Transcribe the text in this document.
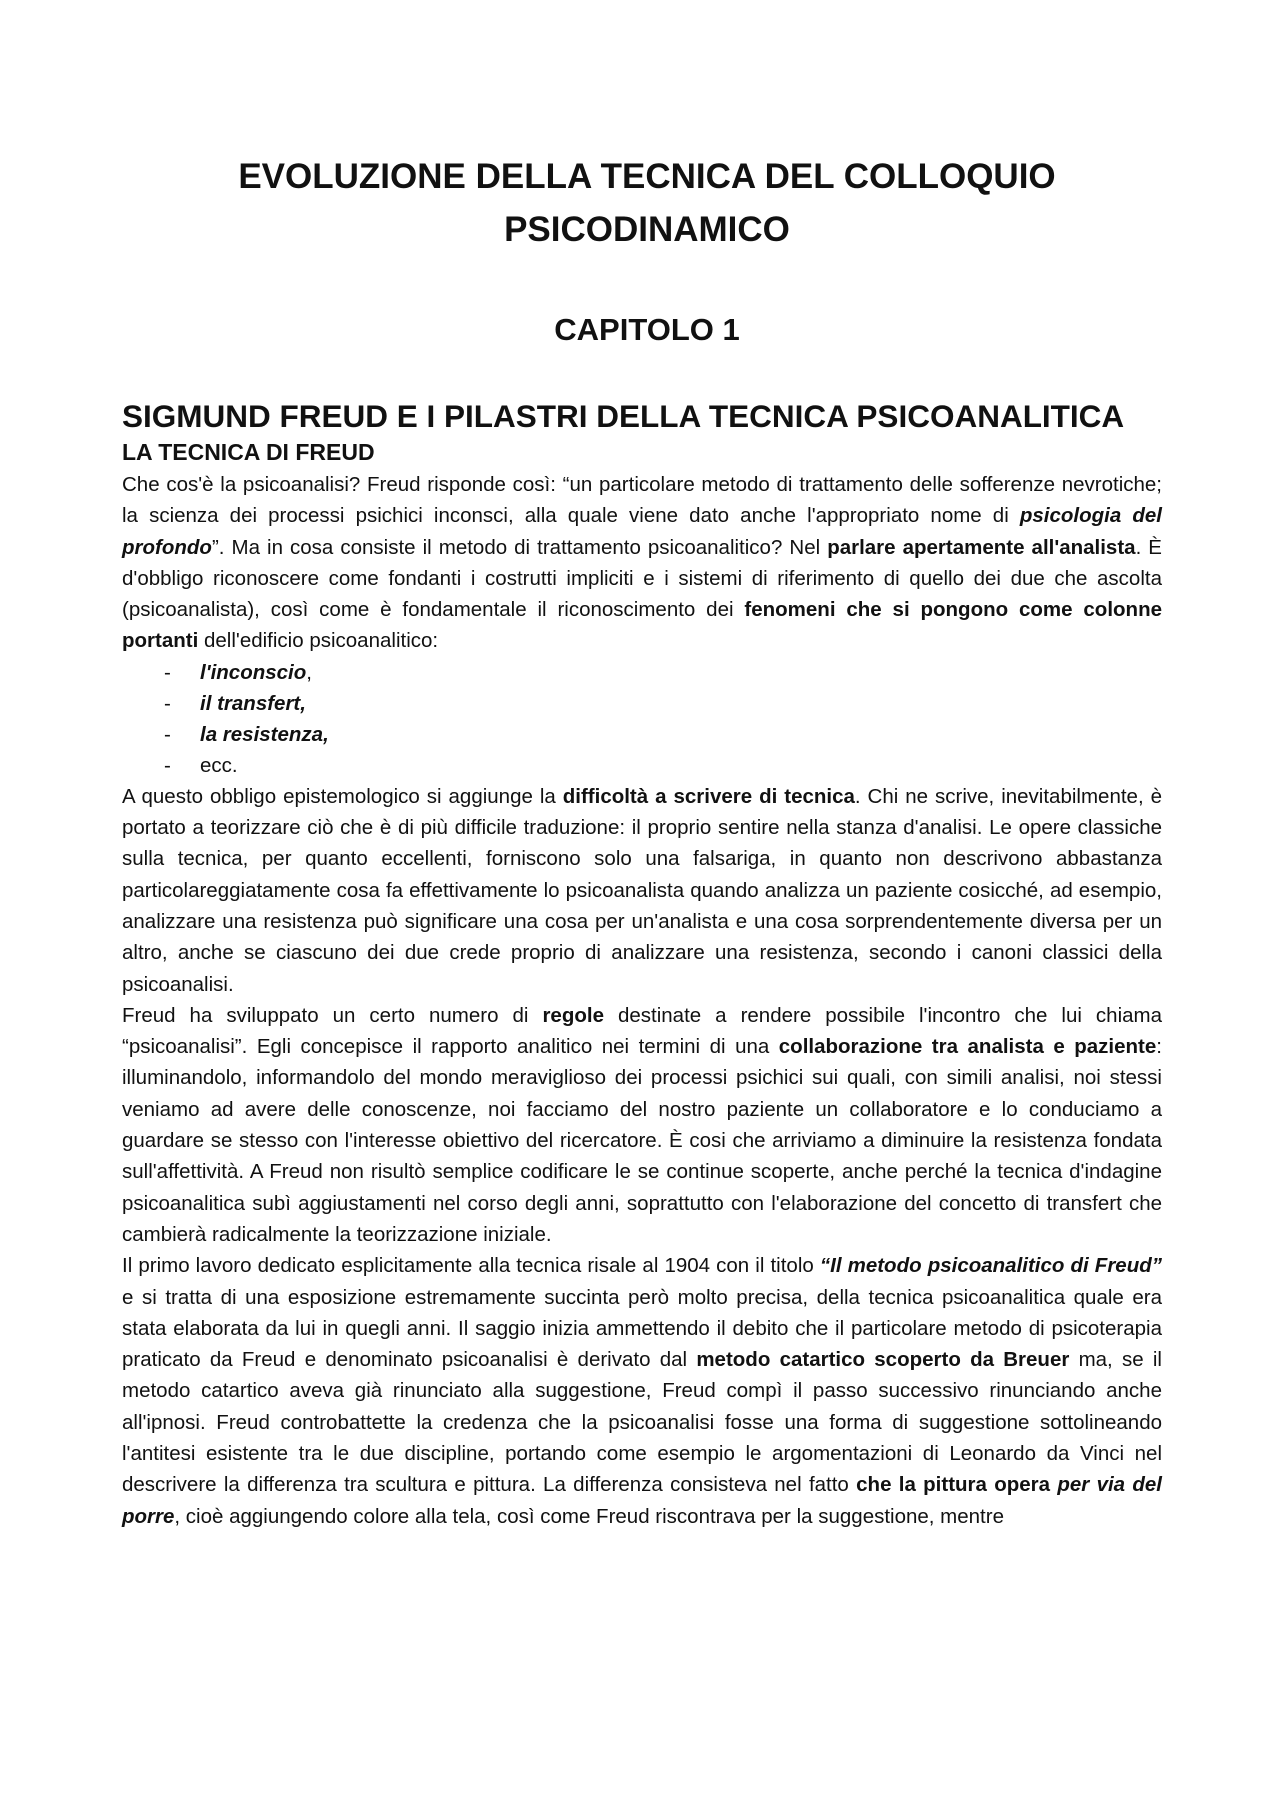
EVOLUZIONE DELLA TECNICA DEL COLLOQUIO
PSICODINAMICO
CAPITOLO 1
SIGMUND FREUD E I PILASTRI DELLA TECNICA PSICOANALITICA
LA TECNICA DI FREUD

Che cos'è la psicoanalisi? Freud risponde così: “un particolare metodo di trattamento delle sofferenze nevrotiche; la scienza dei processi psichici inconsci, alla quale viene dato anche l'appropriato nome di psicologia del profondo”. Ma in cosa consiste il metodo di trattamento psicoanalitico? Nel parlare apertamente all'analista. È d'obbligo riconoscere come fondanti i costrutti impliciti e i sistemi di riferimento di quello dei due che ascolta (psicoanalista), così come è fondamentale il riconoscimento dei fenomeni che si pongono come colonne portanti dell'edificio psicoanalitico:

- l'inconscio,
- il transfert,
- la resistenza,
- ecc.

A questo obbligo epistemologico si aggiunge la difficoltà a scrivere di tecnica. Chi ne scrive, inevitabilmente, è portato a teorizzare ciò che è di più difficile traduzione: il proprio sentire nella stanza d'analisi. Le opere classiche sulla tecnica, per quanto eccellenti, forniscono solo una falsariga, in quanto non descrivono abbastanza particolareggiatamente cosa fa effettivamente lo psicoanalista quando analizza un paziente cosicché, ad esempio, analizzare una resistenza può significare una cosa per un'analista e una cosa sorprendentemente diversa per un altro, anche se ciascuno dei due crede proprio di analizzare una resistenza, secondo i canoni classici della psicoanalisi.

Freud ha sviluppato un certo numero di regole destinate a rendere possibile l'incontro che lui chiama “psicoanalisi”. Egli concepisce il rapporto analitico nei termini di una collaborazione tra analista e paziente: illuminandolo, informandolo del mondo meraviglioso dei processi psichici sui quali, con simili analisi, noi stessi veniamo ad avere delle conoscenze, noi facciamo del nostro paziente un collaboratore e lo conduciamo a guardare se stesso con l'interesse obiettivo del ricercatore. È cosi che arriviamo a diminuire la resistenza fondata sull'affettività. A Freud non risultò semplice codificare le se continue scoperte, anche perché la tecnica d'indagine psicoanalitica subì aggiustamenti nel corso degli anni, soprattutto con l'elaborazione del concetto di transfert che cambierà radicalmente la teorizzazione iniziale.

Il primo lavoro dedicato esplicitamente alla tecnica risale al 1904 con il titolo “Il metodo psicoanalitico di Freud” e si tratta di una esposizione estremamente succinta però molto precisa, della tecnica psicoanalitica quale era stata elaborata da lui in quegli anni. Il saggio inizia ammettendo il debito che il particolare metodo di psicoterapia praticato da Freud e denominato psicoanalisi è derivato dal metodo catartico scoperto da Breuer ma, se il metodo catartico aveva già rinunciato alla suggestione, Freud compì il passo successivo rinunciando anche all'ipnosi. Freud controbattette la credenza che la psicoanalisi fosse una forma di suggestione sottolineando l'antitesi esistente tra le due discipline, portando come esempio le argomentazioni di Leonardo da Vinci nel descrivere la differenza tra scultura e pittura. La differenza consisteva nel fatto che la pittura opera per via del porre, cioè aggiungendo colore alla tela, così come Freud riscontrava per la suggestione, mentre
